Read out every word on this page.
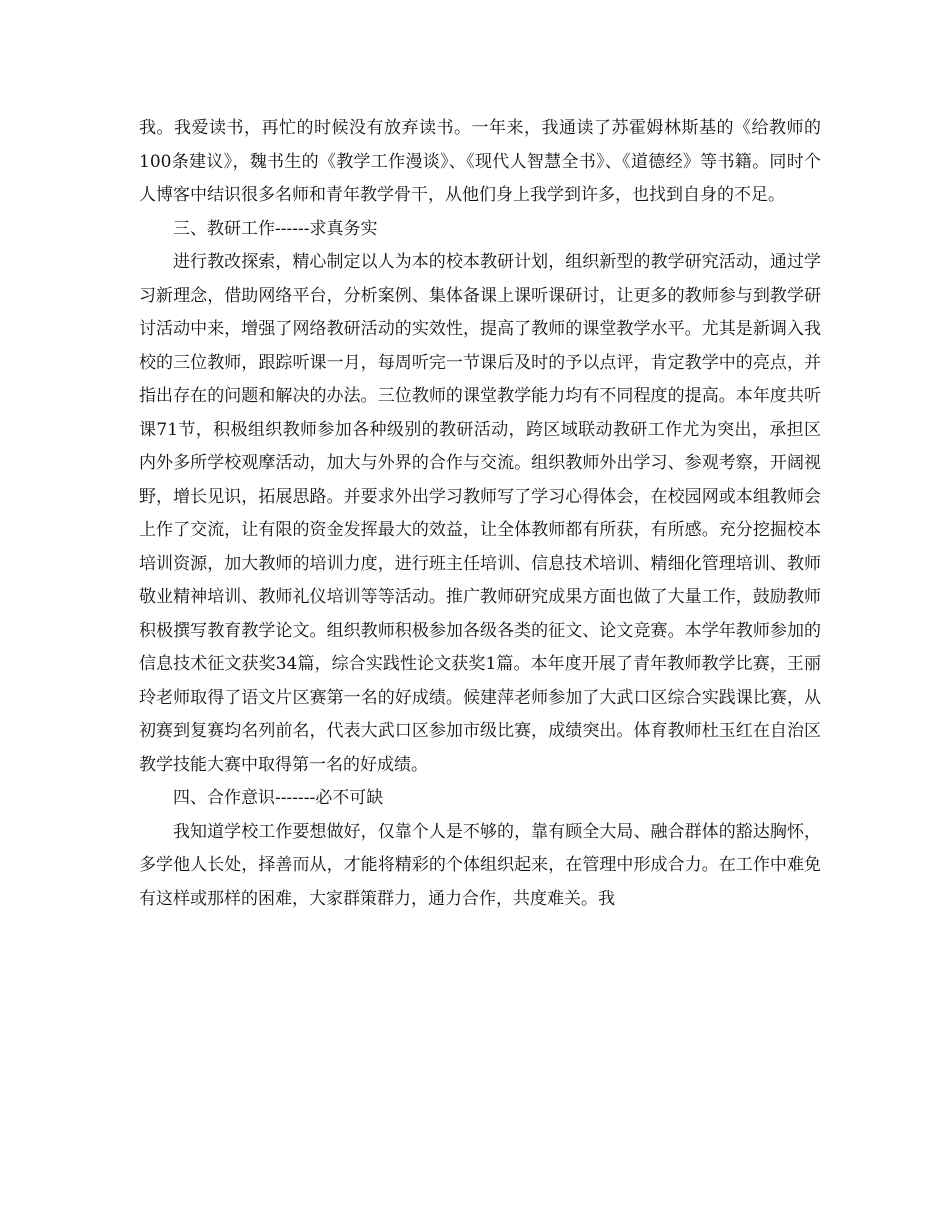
我。我爱读书，再忙的时候没有放弃读书。一年来，我通读了苏霍姆林斯基的《给教师的100条建议》，魏书生的《教学工作漫谈》、《现代人智慧全书》、《道德经》等书籍。同时个人博客中结识很多名师和青年教学骨干，从他们身上我学到许多，也找到自身的不足。

三、教研工作------求真务实

进行教改探索，精心制定以人为本的校本教研计划，组织新型的教学研究活动，通过学习新理念，借助网络平台，分析案例、集体备课上课听课研讨，让更多的教师参与到教学研讨活动中来，增强了网络教研活动的实效性，提高了教师的课堂教学水平。尤其是新调入我校的三位教师，跟踪听课一月，每周听完一节课后及时的予以点评，肯定教学中的亮点，并指出存在的问题和解决的办法。三位教师的课堂教学能力均有不同程度的提高。本年度共听课71节，积极组织教师参加各种级别的教研活动，跨区域联动教研工作尤为突出，承担区内外多所学校观摩活动，加大与外界的合作与交流。组织教师外出学习、参观考察，开阔视野，增长见识，拓展思路。并要求外出学习教师写了学习心得体会，在校园网或本组教师会上作了交流，让有限的资金发挥最大的效益，让全体教师都有所获，有所感。充分挖掘校本培训资源，加大教师的培训力度，进行班主任培训、信息技术培训、精细化管理培训、教师敬业精神培训、教师礼仪培训等等活动。推广教师研究成果方面也做了大量工作，鼓励教师积极撰写教育教学论文。组织教师积极参加各级各类的征文、论文竞赛。本学年教师参加的信息技术征文获奖34篇，综合实践性论文获奖1篇。本年度开展了青年教师教学比赛，王丽玲老师取得了语文片区赛第一名的好成绩。候建萍老师参加了大武口区综合实践课比赛，从初赛到复赛均名列前名，代表大武口区参加市级比赛，成绩突出。体育教师杜玉红在自治区教学技能大赛中取得第一名的好成绩。

四、合作意识-------必不可缺

我知道学校工作要想做好，仅靠个人是不够的，靠有顾全大局、融合群体的豁达胸怀，多学他人长处，择善而从，才能将精彩的个体组织起来，在管理中形成合力。在工作中难免有这样或那样的困难，大家群策群力，通力合作，共度难关。我
